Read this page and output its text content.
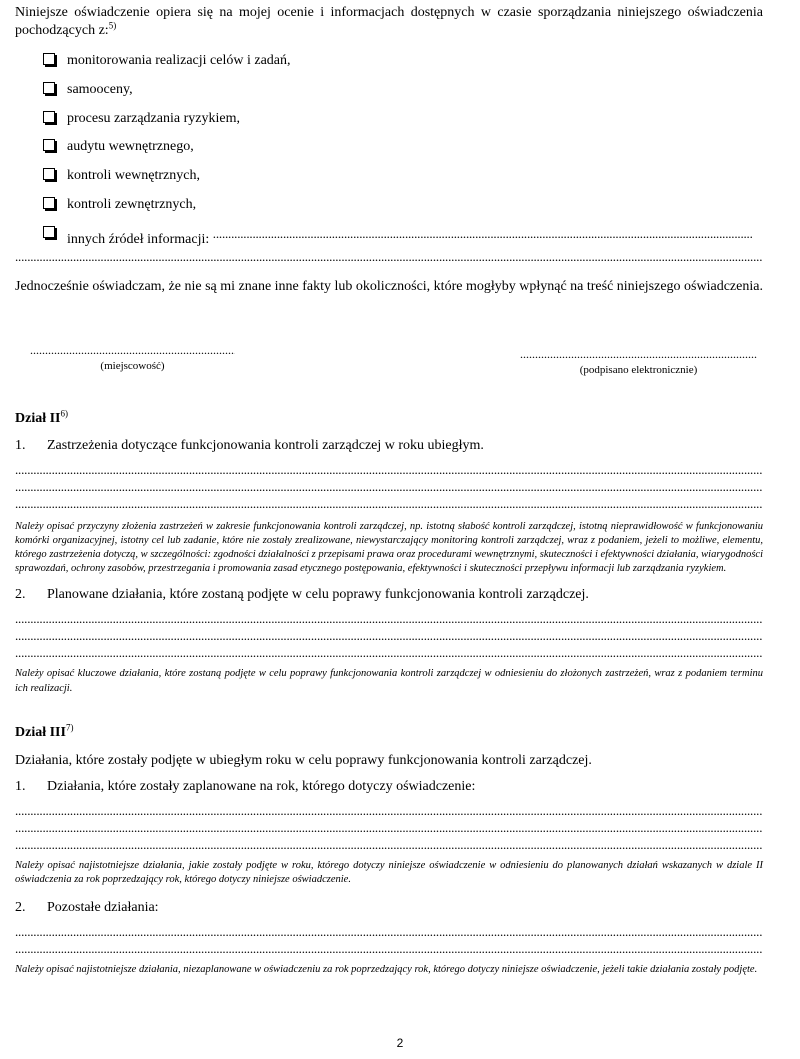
Niniejsze oświadczenie opiera się na mojej ocenie i informacjach dostępnych w czasie sporządzania niniejszego oświadczenia pochodzących z:$^{5)}$

monitorowania realizacji celów i zadań,
samooceny,
procesu zarządzania ryzykiem,
audytu wewnętrznego,
kontroli wewnętrznych,
kontroli zewnętrznych,
innych źródeł informacji: .....
.....

Jednocześnie oświadczam, że nie są mi znane inne fakty lub okoliczności, które mogłyby wpłynąć na treść niniejszego oświadczenia.

.....
(miejscowość)
.....	(podpisano elektronicznie)
Dział II$^{6)}$

1. Zastrzeżenia dotyczące funkcjonowania kontroli zarządczej w roku ubiegłym.

.....
.....
.....

Należy opisać przyczyny złożenia zastrzeżeń w zakresie funkcjonowania kontroli zarządczej, np. istotną słabość kontroli zarządczej, istotną nieprawidłowość w funkcjonowaniu komórki organizacyjnej, istotny cel lub zadanie, które nie zostały zrealizowane, niewystarczający monitoring kontroli zarządczej, wraz z podaniem, jeżeli to możliwe, elementu, którego zastrzeżenia dotyczą, w szczególności: zgodności działalności z przepisami prawa oraz procedurami wewnętrznymi, skuteczności i efektywności działania, wiarygodności sprawozdań, ochrony zasobów, przestrzegania i promowania zasad etycznego postępowania, efektywności i skuteczności przepływu informacji lub zarządzania ryzykiem.

2. Planowane działania, które zostaną podjęte w celu poprawy funkcjonowania kontroli zarządczej.

.....
.....
.....

Należy opisać kluczowe działania, które zostaną podjęte w celu poprawy funkcjonowania kontroli zarządczej w odniesieniu do złożonych zastrzeżeń, wraz z podaniem terminu ich realizacji.

Dział III$^{7)}$

Działania, które zostały podjęte w ubiegłym roku w celu poprawy funkcjonowania kontroli zarządczej.

1. Działania, które zostały zaplanowane na rok, którego dotyczy oświadczenie:

.....
.....
.....

Należy opisać najistotniejsze działania, jakie zostały podjęte w roku, którego dotyczy niniejsze oświadczenie w odniesieniu do planowanych działań wskazanych w dziale II oświadczenia za rok poprzedzający rok, którego dotyczy niniejsze oświadczenie.

2. Pozostałe działania:

.....
.....

Należy opisać najistotniejsze działania, niezaplanowane w oświadczeniu za rok poprzedzający rok, którego dotyczy niniejsze oświadczenie, jeżeli takie działania zostały podjęte.

2
